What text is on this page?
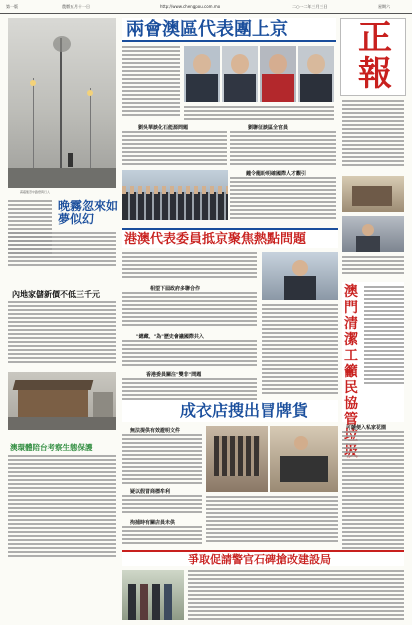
第一版	農曆五月十一日	http://www.chengpou.com.mo	二○一二年三月三日	星期六
霧霾籠罩中路燈與行人
晚霧忽來如夢似幻
內地家儲新價不低三千元

澳環體陪台考察生態保護
兩會澳區代表團上京
劉吳華談化石能源問題	劉聯征談區全官員
鐘令龍盼明確國際人才觀引
正
報
港澳代表委員抵京聚焦熱點問題
相望下屆政府多聯合作
"總藏、"為"歷史會議國際共入
香港委員關注"雙非"問題
澳門清潔工籲民協管垃圾
可隨便入私家花園
成衣店搜出冒牌貨
無法提供有效證明文件
疑以假冒商標牟利
拘捕時有關店員未供
爭取促請警官石碑搶改建設局
